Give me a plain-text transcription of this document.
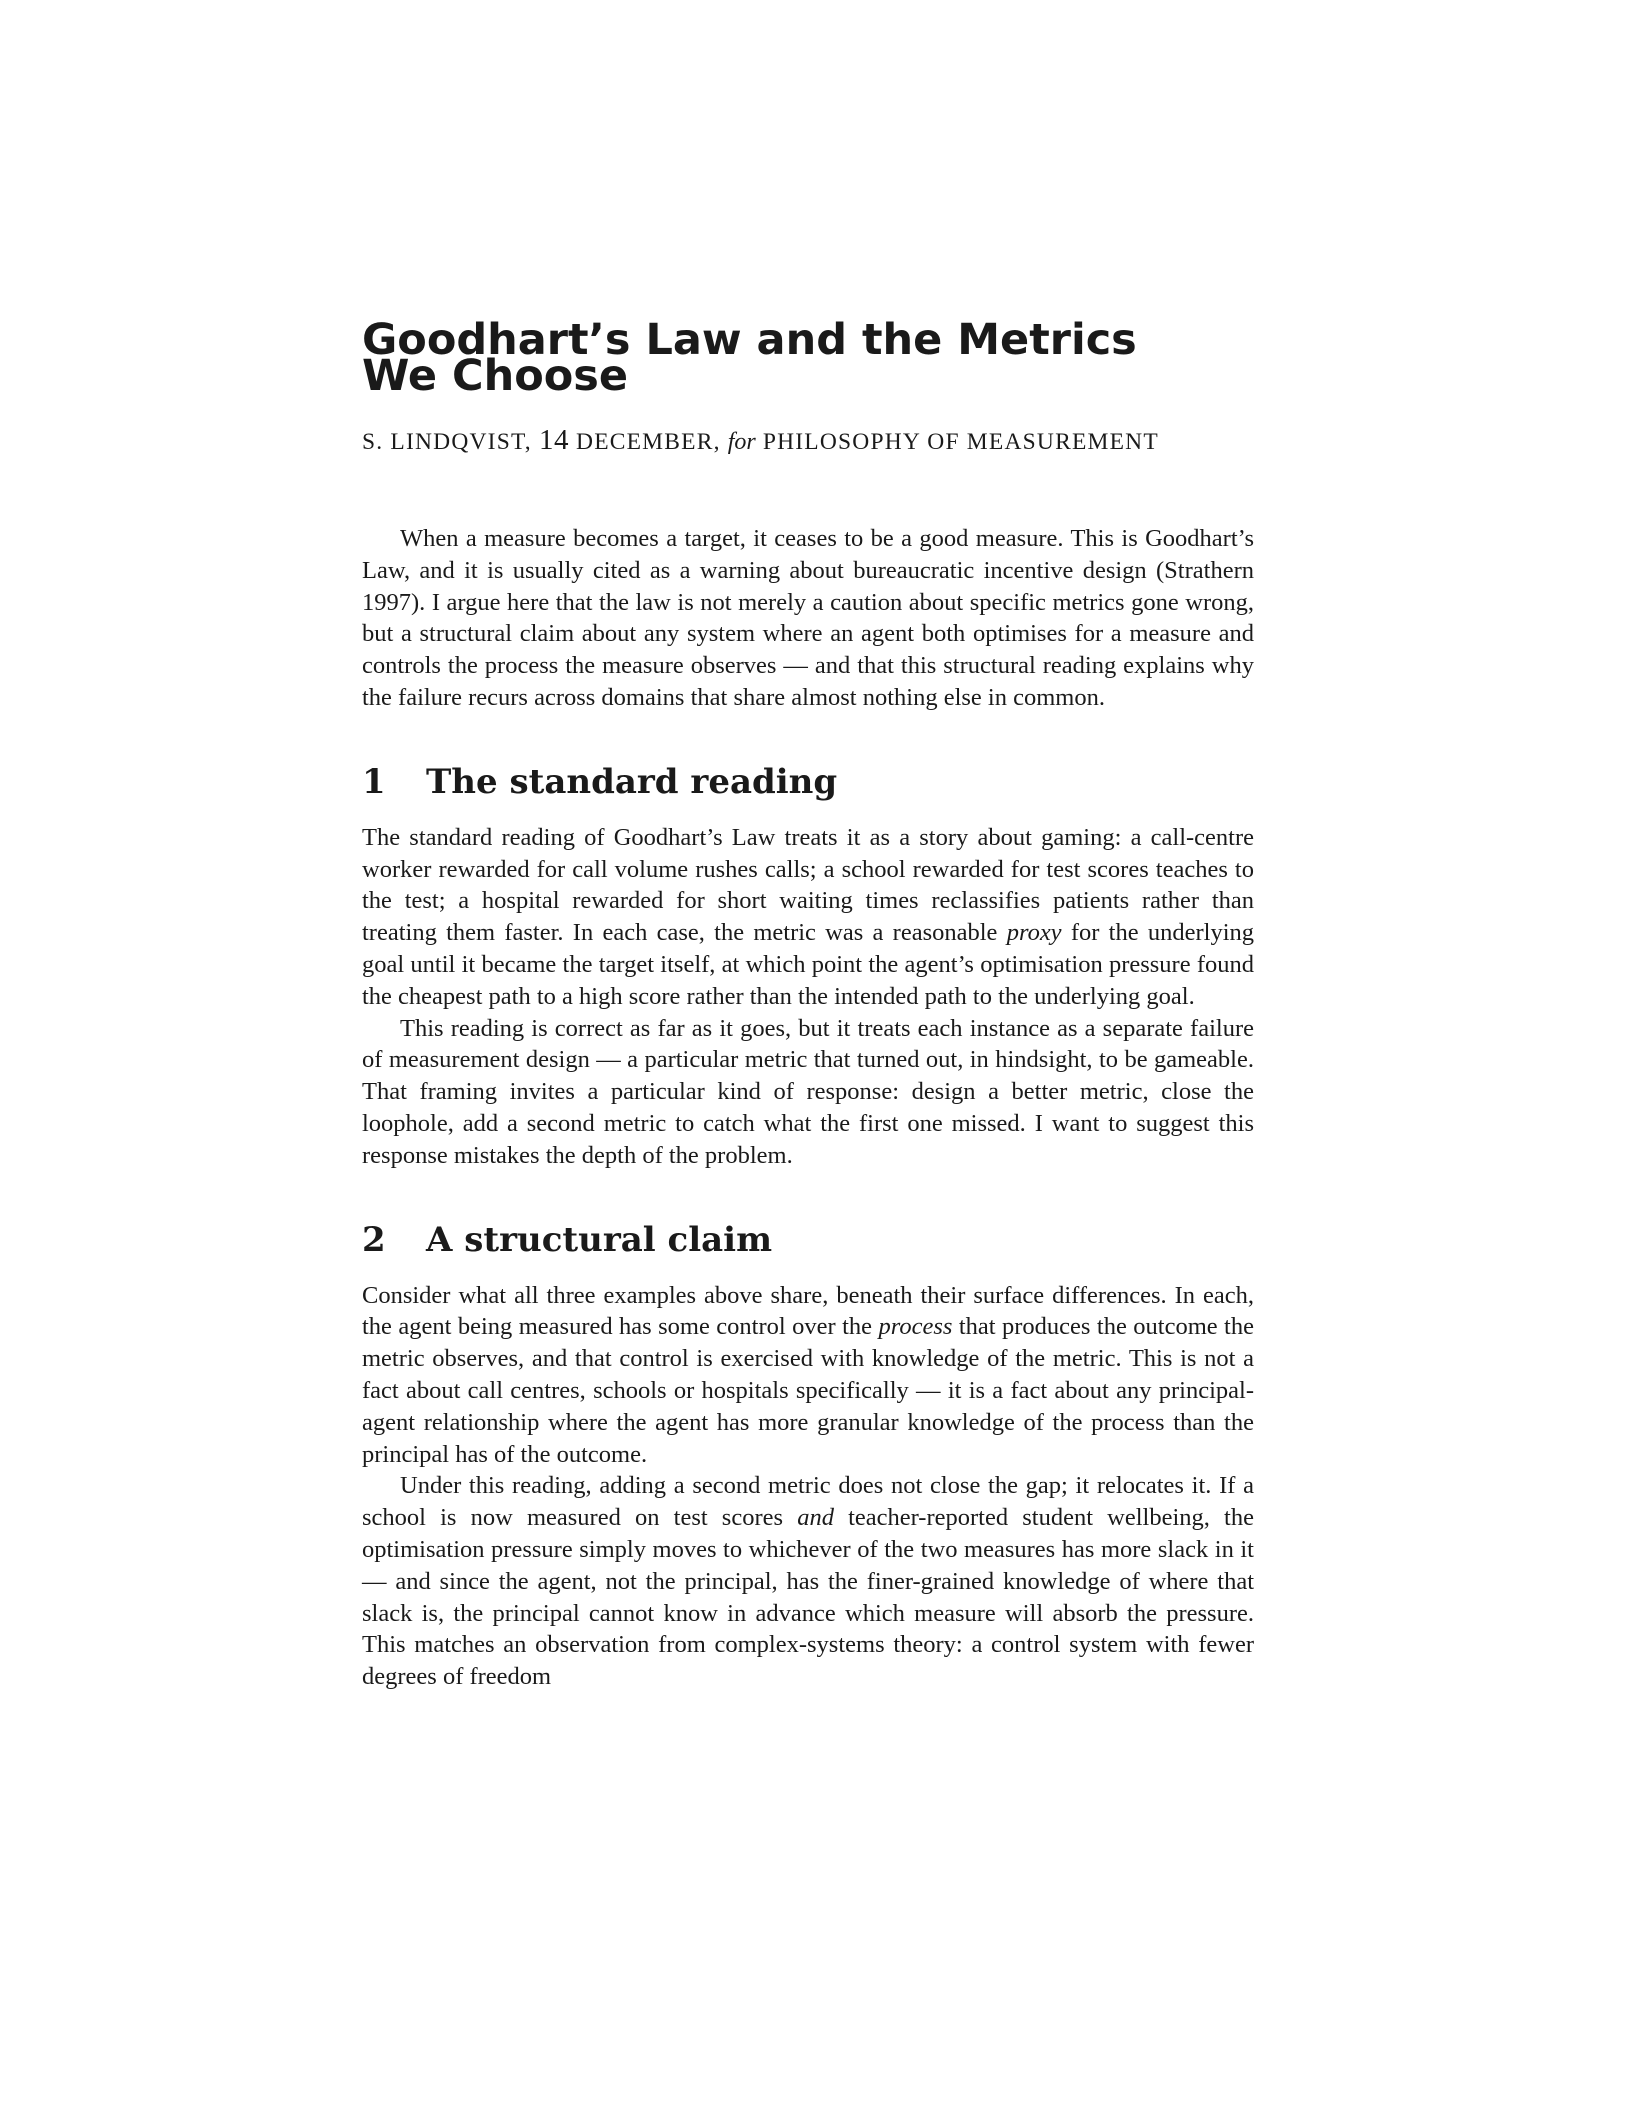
Goodhart’s Law and the Metrics We Choose
S. LINDQVIST, 14 DECEMBER, for PHILOSOPHY OF MEASUREMENT

When a measure becomes a target, it ceases to be a good measure. This is Goodhart’s Law, and it is usually cited as a warning about bureaucratic incentive design (Strathern 1997). I argue here that the law is not merely a caution about specific metrics gone wrong, but a structural claim about any system where an agent both optimises for a measure and controls the process the measure observes — and that this structural reading explains why the failure recurs across domains that share almost nothing else in common.

1	The standard reading

The standard reading of Goodhart’s Law treats it as a story about gaming: a call-centre worker rewarded for call volume rushes calls; a school rewarded for test scores teaches to the test; a hospital rewarded for short waiting times reclassifies patients rather than treating them faster. In each case, the metric was a reasonable proxy for the underlying goal until it became the target itself, at which point the agent’s optimisation pressure found the cheapest path to a high score rather than the intended path to the underlying goal.

This reading is correct as far as it goes, but it treats each instance as a separate failure of measurement design — a particular metric that turned out, in hindsight, to be gameable. That framing invites a particular kind of response: design a better metric, close the loophole, add a second metric to catch what the first one missed. I want to suggest this response mistakes the depth of the problem.

2	A structural claim

Consider what all three examples above share, beneath their surface differences. In each, the agent being measured has some control over the process that produces the outcome the metric observes, and that control is exercised with knowledge of the metric. This is not a fact about call centres, schools or hospitals specifically — it is a fact about any principal-agent relationship where the agent has more granular knowledge of the process than the principal has of the outcome.

Under this reading, adding a second metric does not close the gap; it relocates it. If a school is now measured on test scores and teacher-reported student wellbeing, the optimisation pressure simply moves to whichever of the two measures has more slack in it — and since the agent, not the principal, has the finer-grained knowledge of where that slack is, the principal cannot know in advance which measure will absorb the pressure. This matches an observation from complex-systems theory: a control system with fewer degrees of freedom
